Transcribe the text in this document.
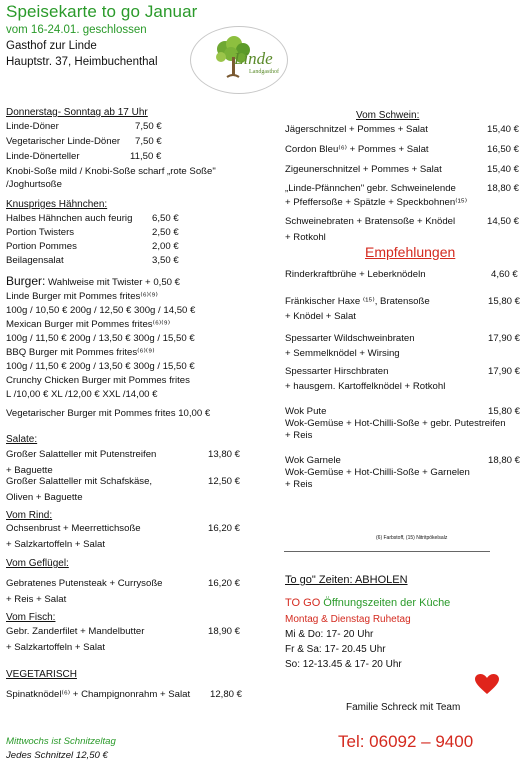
Speisekarte to go Januar
vom 16-24.01. geschlossen
Gasthof zur Linde
Hauptstr. 37, Heimbuchenthal	Linde
Landgasthof
Donnerstag- Sonntag ab 17 Uhr
Linde-Döner	7,50 €
Vegetarischer Linde-Döner 7,50 €
Linde-Dönerteller	11,50 €
Knobi-Soße mild / Knobi-Soße scharf „rote Soße"
/Joghurtsoße
Knuspriges Hähnchen:
Halbes Hähnchen auch feurig 6,50 €
Portion Twisters	2,50 €
Portion Pommes	2,00 €
Beilagensalat	3,50 €
Burger: Wahlweise mit Twister + 0,50 €
Linde Burger mit Pommes frites⁽⁶⁾⁽⁹⁾
100g / 10,50 € 200g / 12,50 € 300g / 14,50 €
Mexican Burger mit Pommes frites⁽⁶⁾⁽⁹⁾
100g / 11,50 € 200g / 13,50 € 300g / 15,50 €
BBQ Burger mit Pommes frites⁽⁶⁾⁽⁹⁾
100g / 11,50 € 200g / 13,50 € 300g / 15,50 €
Crunchy Chicken Burger mit Pommes frites
L /10,00 € XL /12,00 € XXL /14,00 €
Vegetarischer Burger mit Pommes frites 10,00 €
Salate:
Großer Salatteller mit Putenstreifen
+ Baguette
13,80 €
Großer Salatteller mit Schafskäse,
Oliven + Baguette
12,50 €
Vom Rind:
Ochsenbrust + Meerrettichsoße
+ Salzkartoffeln + Salat
16,20 €
Vom Geflügel:
Gebratenes Putensteak + Currysoße
+ Reis + Salat
16,20 €
Vom Fisch:
Gebr. Zanderfilet + Mandelbutter
+ Salzkartoffeln + Salat
18,90 €
VEGETARISCH
Spinatknödel⁽⁶⁾ + Champignonrahm + Salat 12,80 €
Mittwochs ist Schnitzeltag
Jedes Schnitzel 12,50 €
Vom Schwein:
Jägerschnitzel + Pommes + Salat	15,40 €
Cordon Bleu⁽⁶⁾ + Pommes + Salat	16,50 €
Zigeunerschnitzel + Pommes + Salat	15,40 €
„Linde-Pfännchen" gebr. Schweinelende
+ Pfeffersoße + Spätzle + Speckbohnen⁽¹⁵⁾
18,80 €
Schweinebraten + Bratensoße + Knödel
+ Rotkohl
14,50 €
Empfehlungen
Rinderkraftbrühe + Leberknödeln	4,60 €
Fränkischer Haxe ⁽¹⁵⁾, Bratensoße
+ Knödel + Salat
15,80 €
Spessarter Wildschweinbraten
+ Semmelknödel + Wirsing
17,90 €
Spessarter Hirschbraten
+ hausgem. Kartoffelknödel + Rotkohl
17,90 €
Wok Pute
Wok-Gemüse + Hot-Chilli-Soße + gebr. Putestreifen
+ Reis
15,80 €
Wok Garnele
Wok-Gemüse + Hot-Chilli-Soße + Garnelen
+ Reis
18,80 €
(6) Farbstoff, (15) Nitritpökelsalz
To go" Zeiten: ABHOLEN
TO GO Öffnungszeiten der Küche
Montag & Dienstag Ruhetag
Mi & Do: 17- 20 Uhr
Fr & Sa: 17- 20.45 Uhr
So: 12-13.45 & 17- 20 Uhr
Familie Schreck mit Team
Tel: 06092 – 9400
